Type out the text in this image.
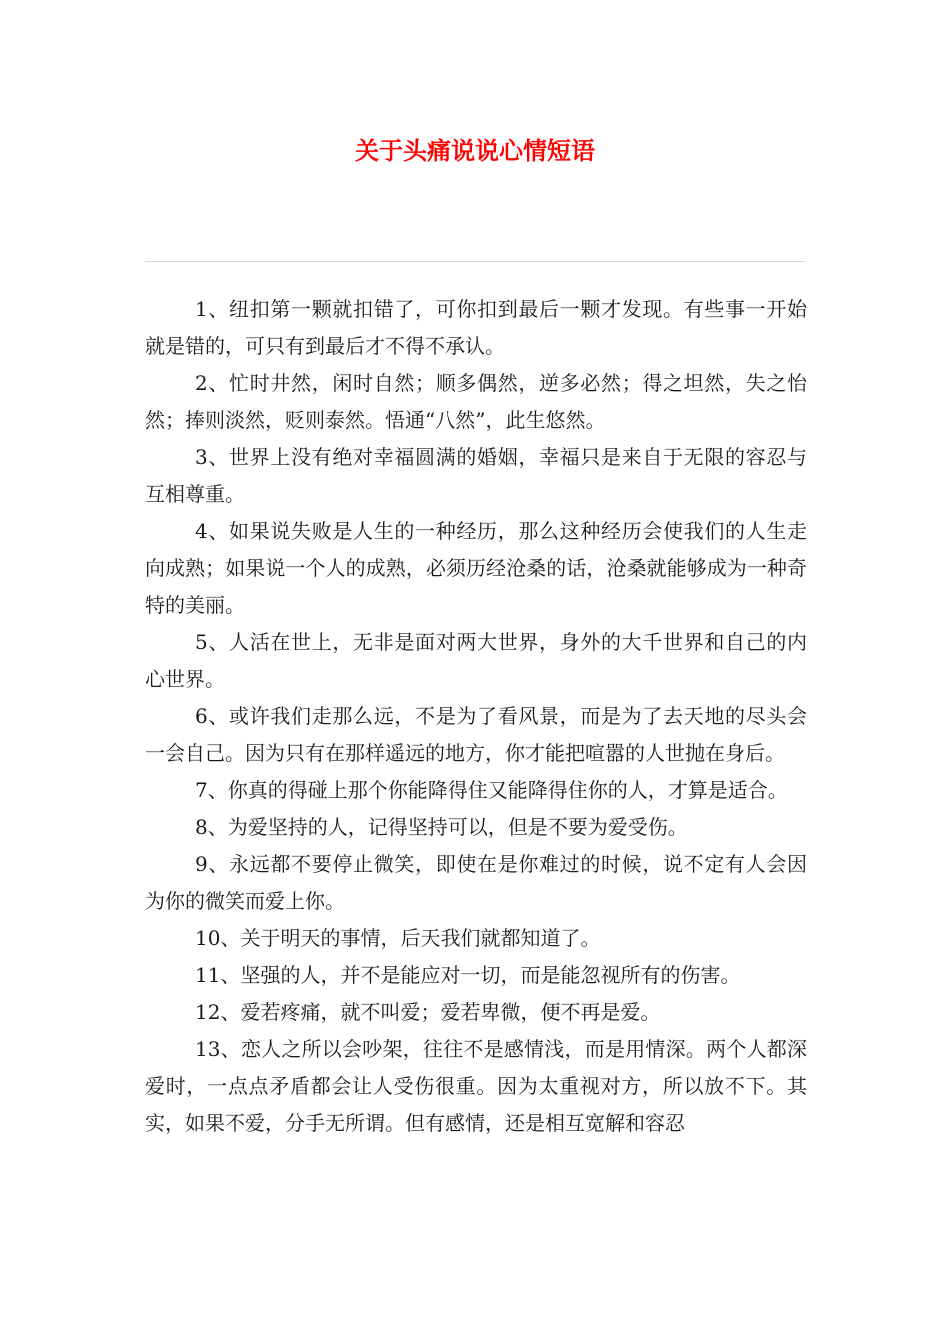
关于头痛说说心情短语

1、纽扣第一颗就扣错了，可你扣到最后一颗才发现。有些事一开始就是错的，可只有到最后才不得不承认。

2、忙时井然，闲时自然；顺多偶然，逆多必然；得之坦然，失之怡然；捧则淡然，贬则泰然。悟通“八然”，此生悠然。

3、世界上没有绝对幸福圆满的婚姻，幸福只是来自于无限的容忍与互相尊重。

4、如果说失败是人生的一种经历，那么这种经历会使我们的人生走向成熟；如果说一个人的成熟，必须历经沧桑的话，沧桑就能够成为一种奇特的美丽。

5、人活在世上，无非是面对两大世界，身外的大千世界和自己的内心世界。

6、或许我们走那么远，不是为了看风景，而是为了去天地的尽头会一会自己。因为只有在那样遥远的地方，你才能把喧嚣的人世抛在身后。

7、你真的得碰上那个你能降得住又能降得住你的人，才算是适合。

8、为爱坚持的人，记得坚持可以，但是不要为爱受伤。

9、永远都不要停止微笑，即使在是你难过的时候，说不定有人会因为你的微笑而爱上你。

10、关于明天的事情，后天我们就都知道了。

11、坚强的人，并不是能应对一切，而是能忽视所有的伤害。

12、爱若疼痛，就不叫爱；爱若卑微，便不再是爱。

13、恋人之所以会吵架，往往不是感情浅，而是用情深。两个人都深爱时，一点点矛盾都会让人受伤很重。因为太重视对方，所以放不下。其实，如果不爱，分手无所谓。但有感情，还是相互宽解和容忍
